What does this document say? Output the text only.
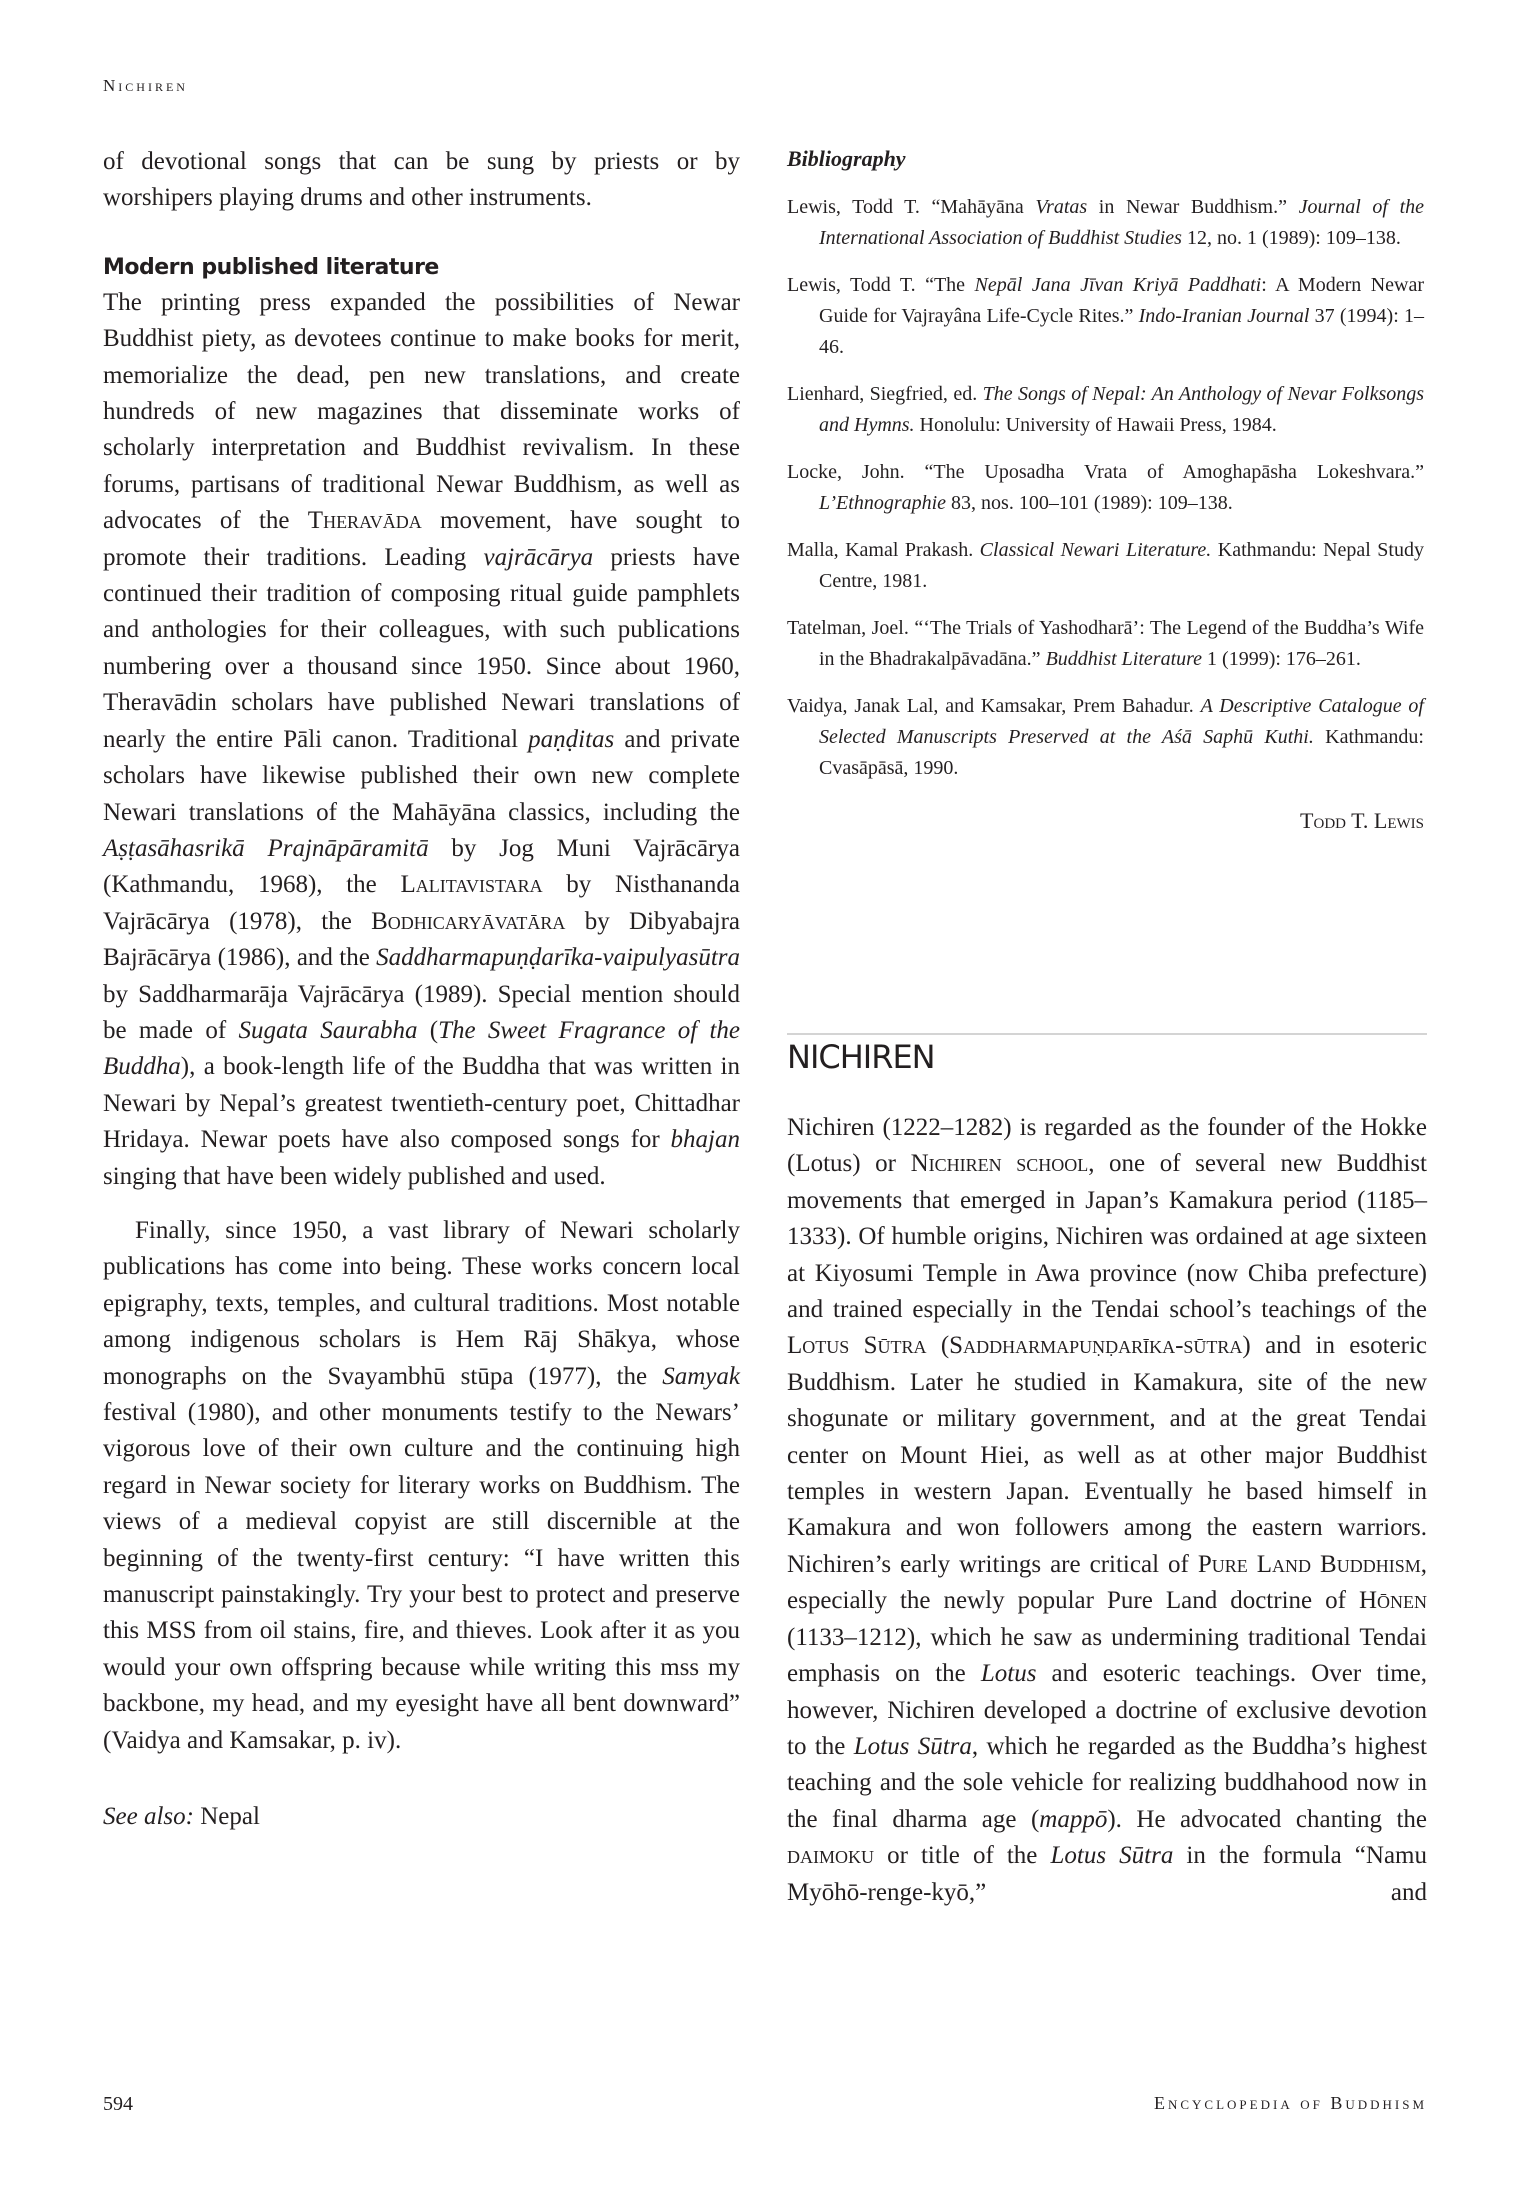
Nichiren

of devotional songs that can be sung by priests or by worshipers playing drums and other instruments.

Modern published literature

The printing press expanded the possibilities of Newar Buddhist piety, as devotees continue to make books for merit, memorialize the dead, pen new translations, and create hundreds of new magazines that disseminate works of scholarly interpretation and Buddhist revivalism. In these forums, partisans of traditional Newar Buddhism, as well as advocates of the Theravāda movement, have sought to promote their traditions. Leading vajrācārya priests have continued their tradition of composing ritual guide pamphlets and anthologies for their colleagues, with such publications numbering over a thousand since 1950. Since about 1960, Theravādin scholars have published Newari translations of nearly the entire Pāli canon. Traditional paṇḍitas and private scholars have likewise published their own new complete Newari translations of the Mahāyāna classics, including the Aṣṭasāhasrikā Prajnāpāramitā by Jog Muni Vajrācārya (Kathmandu, 1968), the Lalitavistara by Nisthananda Vajrācārya (1978), the Bodhicaryāvatāra by Dibyabajra Bajrācārya (1986), and the Saddharmapuṇḍarīka-vaipulyasūtra by Saddharmarāja Vajrācārya (1989). Special mention should be made of Sugata Saurabha (The Sweet Fragrance of the Buddha), a book-length life of the Buddha that was written in Newari by Nepal’s greatest twentieth-century poet, Chittadhar Hridaya. Newar poets have also composed songs for bhajan singing that have been widely published and used.

Finally, since 1950, a vast library of Newari scholarly publications has come into being. These works concern local epigraphy, texts, temples, and cultural traditions. Most notable among indigenous scholars is Hem Rāj Shākya, whose monographs on the Svayambhū stūpa (1977), the Samyak festival (1980), and other monuments testify to the Newars’ vigorous love of their own culture and the continuing high regard in Newar society for literary works on Buddhism. The views of a medieval copyist are still discernible at the beginning of the twenty-first century: “I have written this manuscript painstakingly. Try your best to protect and preserve this MSS from oil stains, fire, and thieves. Look after it as you would your own offspring because while writing this mss my backbone, my head, and my eyesight have all bent downward” (Vaidya and Kamsakar, p. iv).

See also: Nepal

Bibliography

Lewis, Todd T. “Mahāyāna Vratas in Newar Buddhism.” Journal of the International Association of Buddhist Studies 12, no. 1 (1989): 109–138.

Lewis, Todd T. “The Nepāl Jana Jīvan Kriyā Paddhati: A Modern Newar Guide for Vajrayâna Life-Cycle Rites.” Indo-Iranian Journal 37 (1994): 1–46.

Lienhard, Siegfried, ed. The Songs of Nepal: An Anthology of Nevar Folksongs and Hymns. Honolulu: University of Hawaii Press, 1984.

Locke, John. “The Uposadha Vrata of Amoghapāsha Lokeshvara.” L’Ethnographie 83, nos. 100–101 (1989): 109–138.

Malla, Kamal Prakash. Classical Newari Literature. Kathmandu: Nepal Study Centre, 1981.

Tatelman, Joel. “‘The Trials of Yashodharā’: The Legend of the Buddha’s Wife in the Bhadrakalpāvadāna.” Buddhist Literature 1 (1999): 176–261.

Vaidya, Janak Lal, and Kamsakar, Prem Bahadur. A Descriptive Catalogue of Selected Manuscripts Preserved at the Aśā Saphū Kuthi. Kathmandu: Cvasāpāsā, 1990.

Todd T. Lewis
NICHIREN

Nichiren (1222–1282) is regarded as the founder of the Hokke (Lotus) or Nichiren school, one of several new Buddhist movements that emerged in Japan’s Kamakura period (1185–1333). Of humble origins, Nichiren was ordained at age sixteen at Kiyosumi Temple in Awa province (now Chiba prefecture) and trained especially in the Tendai school’s teachings of the Lotus Sūtra (Saddharmapuṇḍarīka-sūtra) and in esoteric Buddhism. Later he studied in Kamakura, site of the new shogunate or military government, and at the great Tendai center on Mount Hiei, as well as at other major Buddhist temples in western Japan. Eventually he based himself in Kamakura and won followers among the eastern warriors. Nichiren’s early writings are critical of Pure Land Buddhism, especially the newly popular Pure Land doctrine of Hōnen (1133–1212), which he saw as undermining traditional Tendai emphasis on the Lotus and esoteric teachings. Over time, however, Nichiren developed a doctrine of exclusive devotion to the Lotus Sūtra, which he regarded as the Buddha’s highest teaching and the sole vehicle for realizing buddhahood now in the final dharma age (mappō). He advocated chanting the daimoku or title of the Lotus Sūtra in the formula “Namu Myōhō-renge-kyō,” and

594	Encyclopedia of Buddhism
